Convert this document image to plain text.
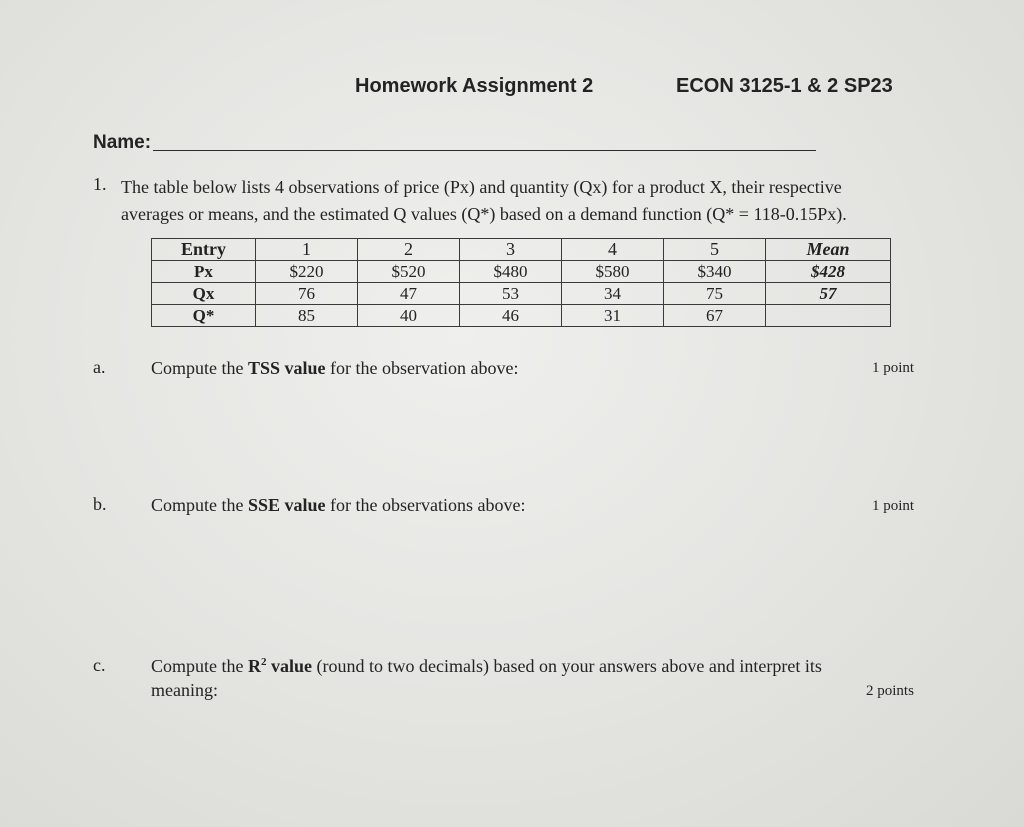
Homework Assignment 2	ECON 3125-1 & 2 SP23
Name:
1. The table below lists 4 observations of price (Px) and quantity (Qx) for a product X, their respective
averages or means, and the estimated Q values (Q*) based on a demand function (Q* = 118-0.15Px).
Entry	1	2	3	4	5	Mean
Px	$220	$520	$480	$580	$340	$428
Qx	76	47	53	34	75	57
Q*	85	40	46	31	67	
a.	Compute the TSS value for the observation above:	1 point
b. Compute the SSE value for the observations above:	1 point
c.	Compute the $R^2$ value (round to two decimals) based on your answers above and interpret its
meaning:	2 points
